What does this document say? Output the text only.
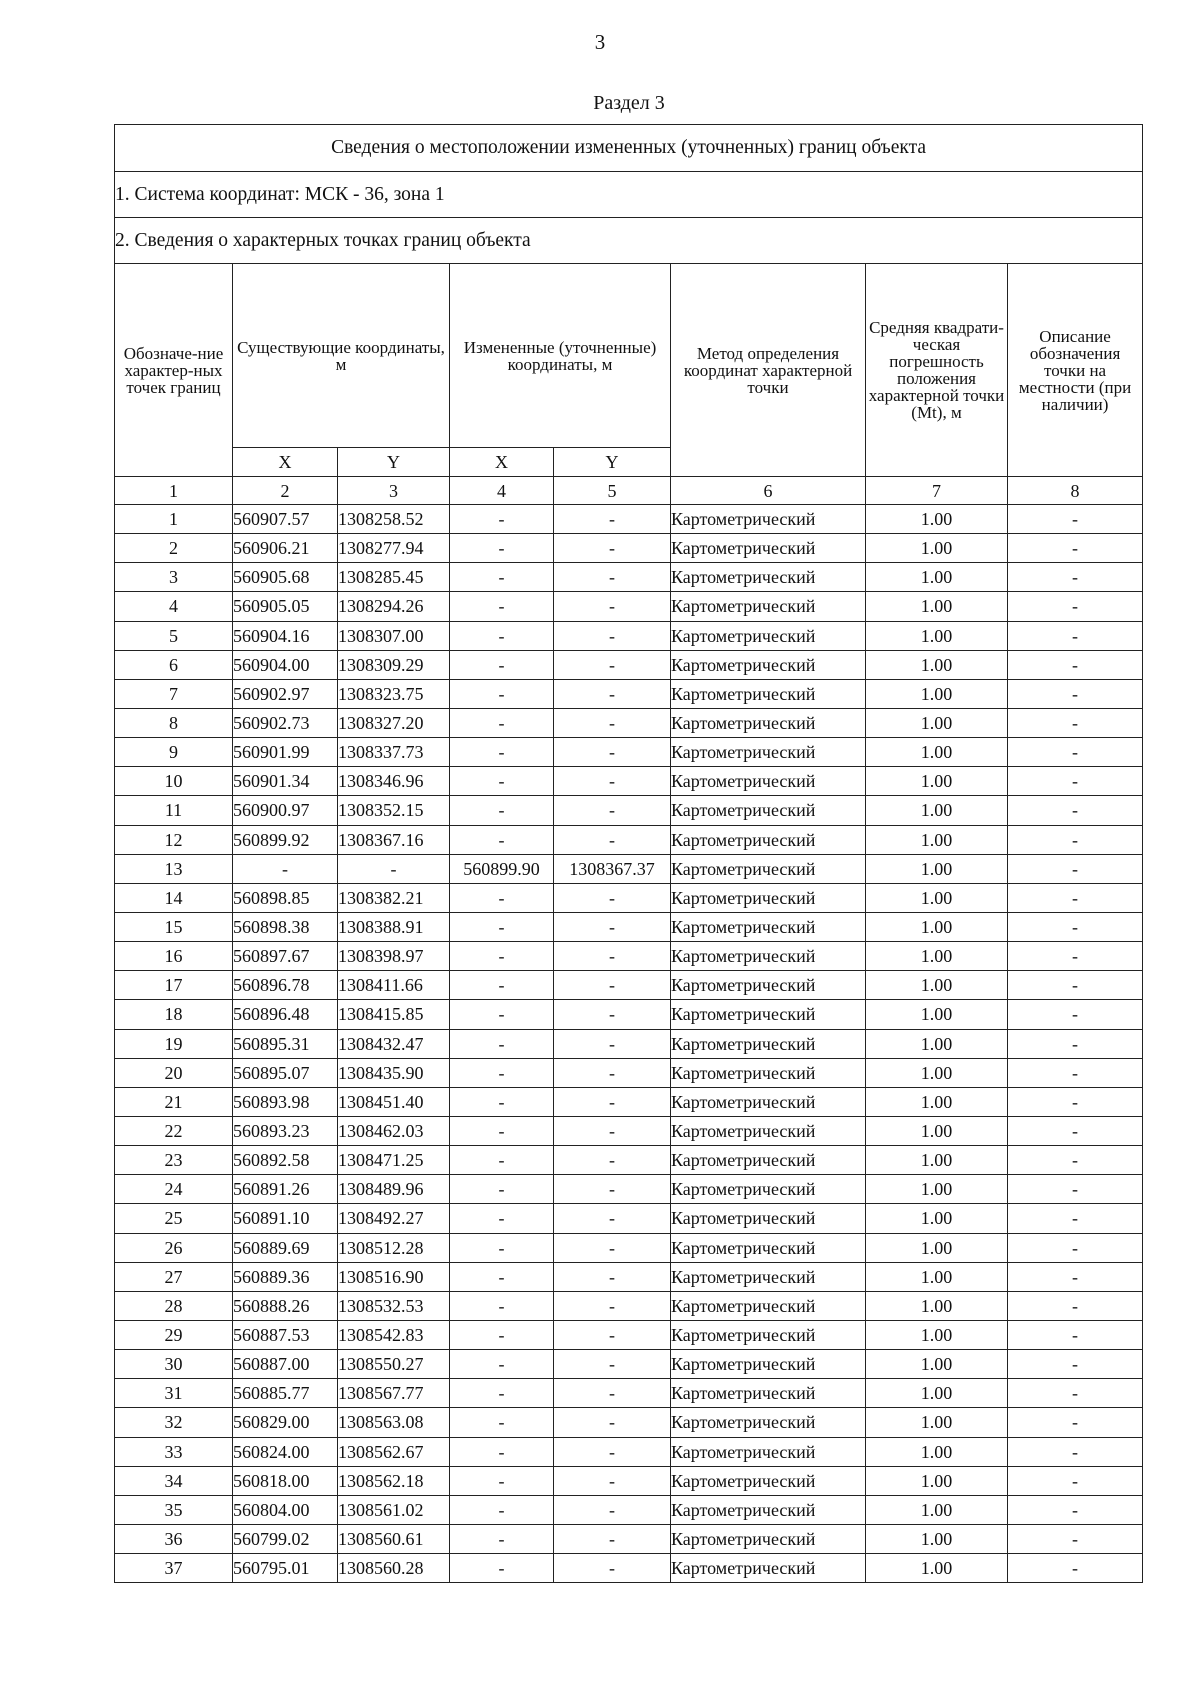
3
Раздел 3
Сведения о местоположении измененных (уточненных) границ объекта							
1. Система координат: МСК - 36, зона 1							
2. Сведения о характерных точках границ объекта							
Обозначе-ние характер-ных точек границ	Существующие координаты, м		Измененные (уточненные) координаты, м		Метод определения координат характерной точки	Средняя квадрати-ческая погрешность положения характерной точки (Mt), м	Описание обозначения точки на местности (при наличии)
	X	Y	X	Y			
1	2	3	4	5	6	7	8
1	560907.57	1308258.52	-	-	Картометрический	1.00	-
2	560906.21	1308277.94	-	-	Картометрический	1.00	-
3	560905.68	1308285.45	-	-	Картометрический	1.00	-
4	560905.05	1308294.26	-	-	Картометрический	1.00	-
5	560904.16	1308307.00	-	-	Картометрический	1.00	-
6	560904.00	1308309.29	-	-	Картометрический	1.00	-
7	560902.97	1308323.75	-	-	Картометрический	1.00	-
8	560902.73	1308327.20	-	-	Картометрический	1.00	-
9	560901.99	1308337.73	-	-	Картометрический	1.00	-
10	560901.34	1308346.96	-	-	Картометрический	1.00	-
11	560900.97	1308352.15	-	-	Картометрический	1.00	-
12	560899.92	1308367.16	-	-	Картометрический	1.00	-
13	-	-	560899.90	1308367.37	Картометрический	1.00	-
14	560898.85	1308382.21	-	-	Картометрический	1.00	-
15	560898.38	1308388.91	-	-	Картометрический	1.00	-
16	560897.67	1308398.97	-	-	Картометрический	1.00	-
17	560896.78	1308411.66	-	-	Картометрический	1.00	-
18	560896.48	1308415.85	-	-	Картометрический	1.00	-
19	560895.31	1308432.47	-	-	Картометрический	1.00	-
20	560895.07	1308435.90	-	-	Картометрический	1.00	-
21	560893.98	1308451.40	-	-	Картометрический	1.00	-
22	560893.23	1308462.03	-	-	Картометрический	1.00	-
23	560892.58	1308471.25	-	-	Картометрический	1.00	-
24	560891.26	1308489.96	-	-	Картометрический	1.00	-
25	560891.10	1308492.27	-	-	Картометрический	1.00	-
26	560889.69	1308512.28	-	-	Картометрический	1.00	-
27	560889.36	1308516.90	-	-	Картометрический	1.00	-
28	560888.26	1308532.53	-	-	Картометрический	1.00	-
29	560887.53	1308542.83	-	-	Картометрический	1.00	-
30	560887.00	1308550.27	-	-	Картометрический	1.00	-
31	560885.77	1308567.77	-	-	Картометрический	1.00	-
32	560829.00	1308563.08	-	-	Картометрический	1.00	-
33	560824.00	1308562.67	-	-	Картометрический	1.00	-
34	560818.00	1308562.18	-	-	Картометрический	1.00	-
35	560804.00	1308561.02	-	-	Картометрический	1.00	-
36	560799.02	1308560.61	-	-	Картометрический	1.00	-
37	560795.01	1308560.28	-	-	Картометрический	1.00	-
